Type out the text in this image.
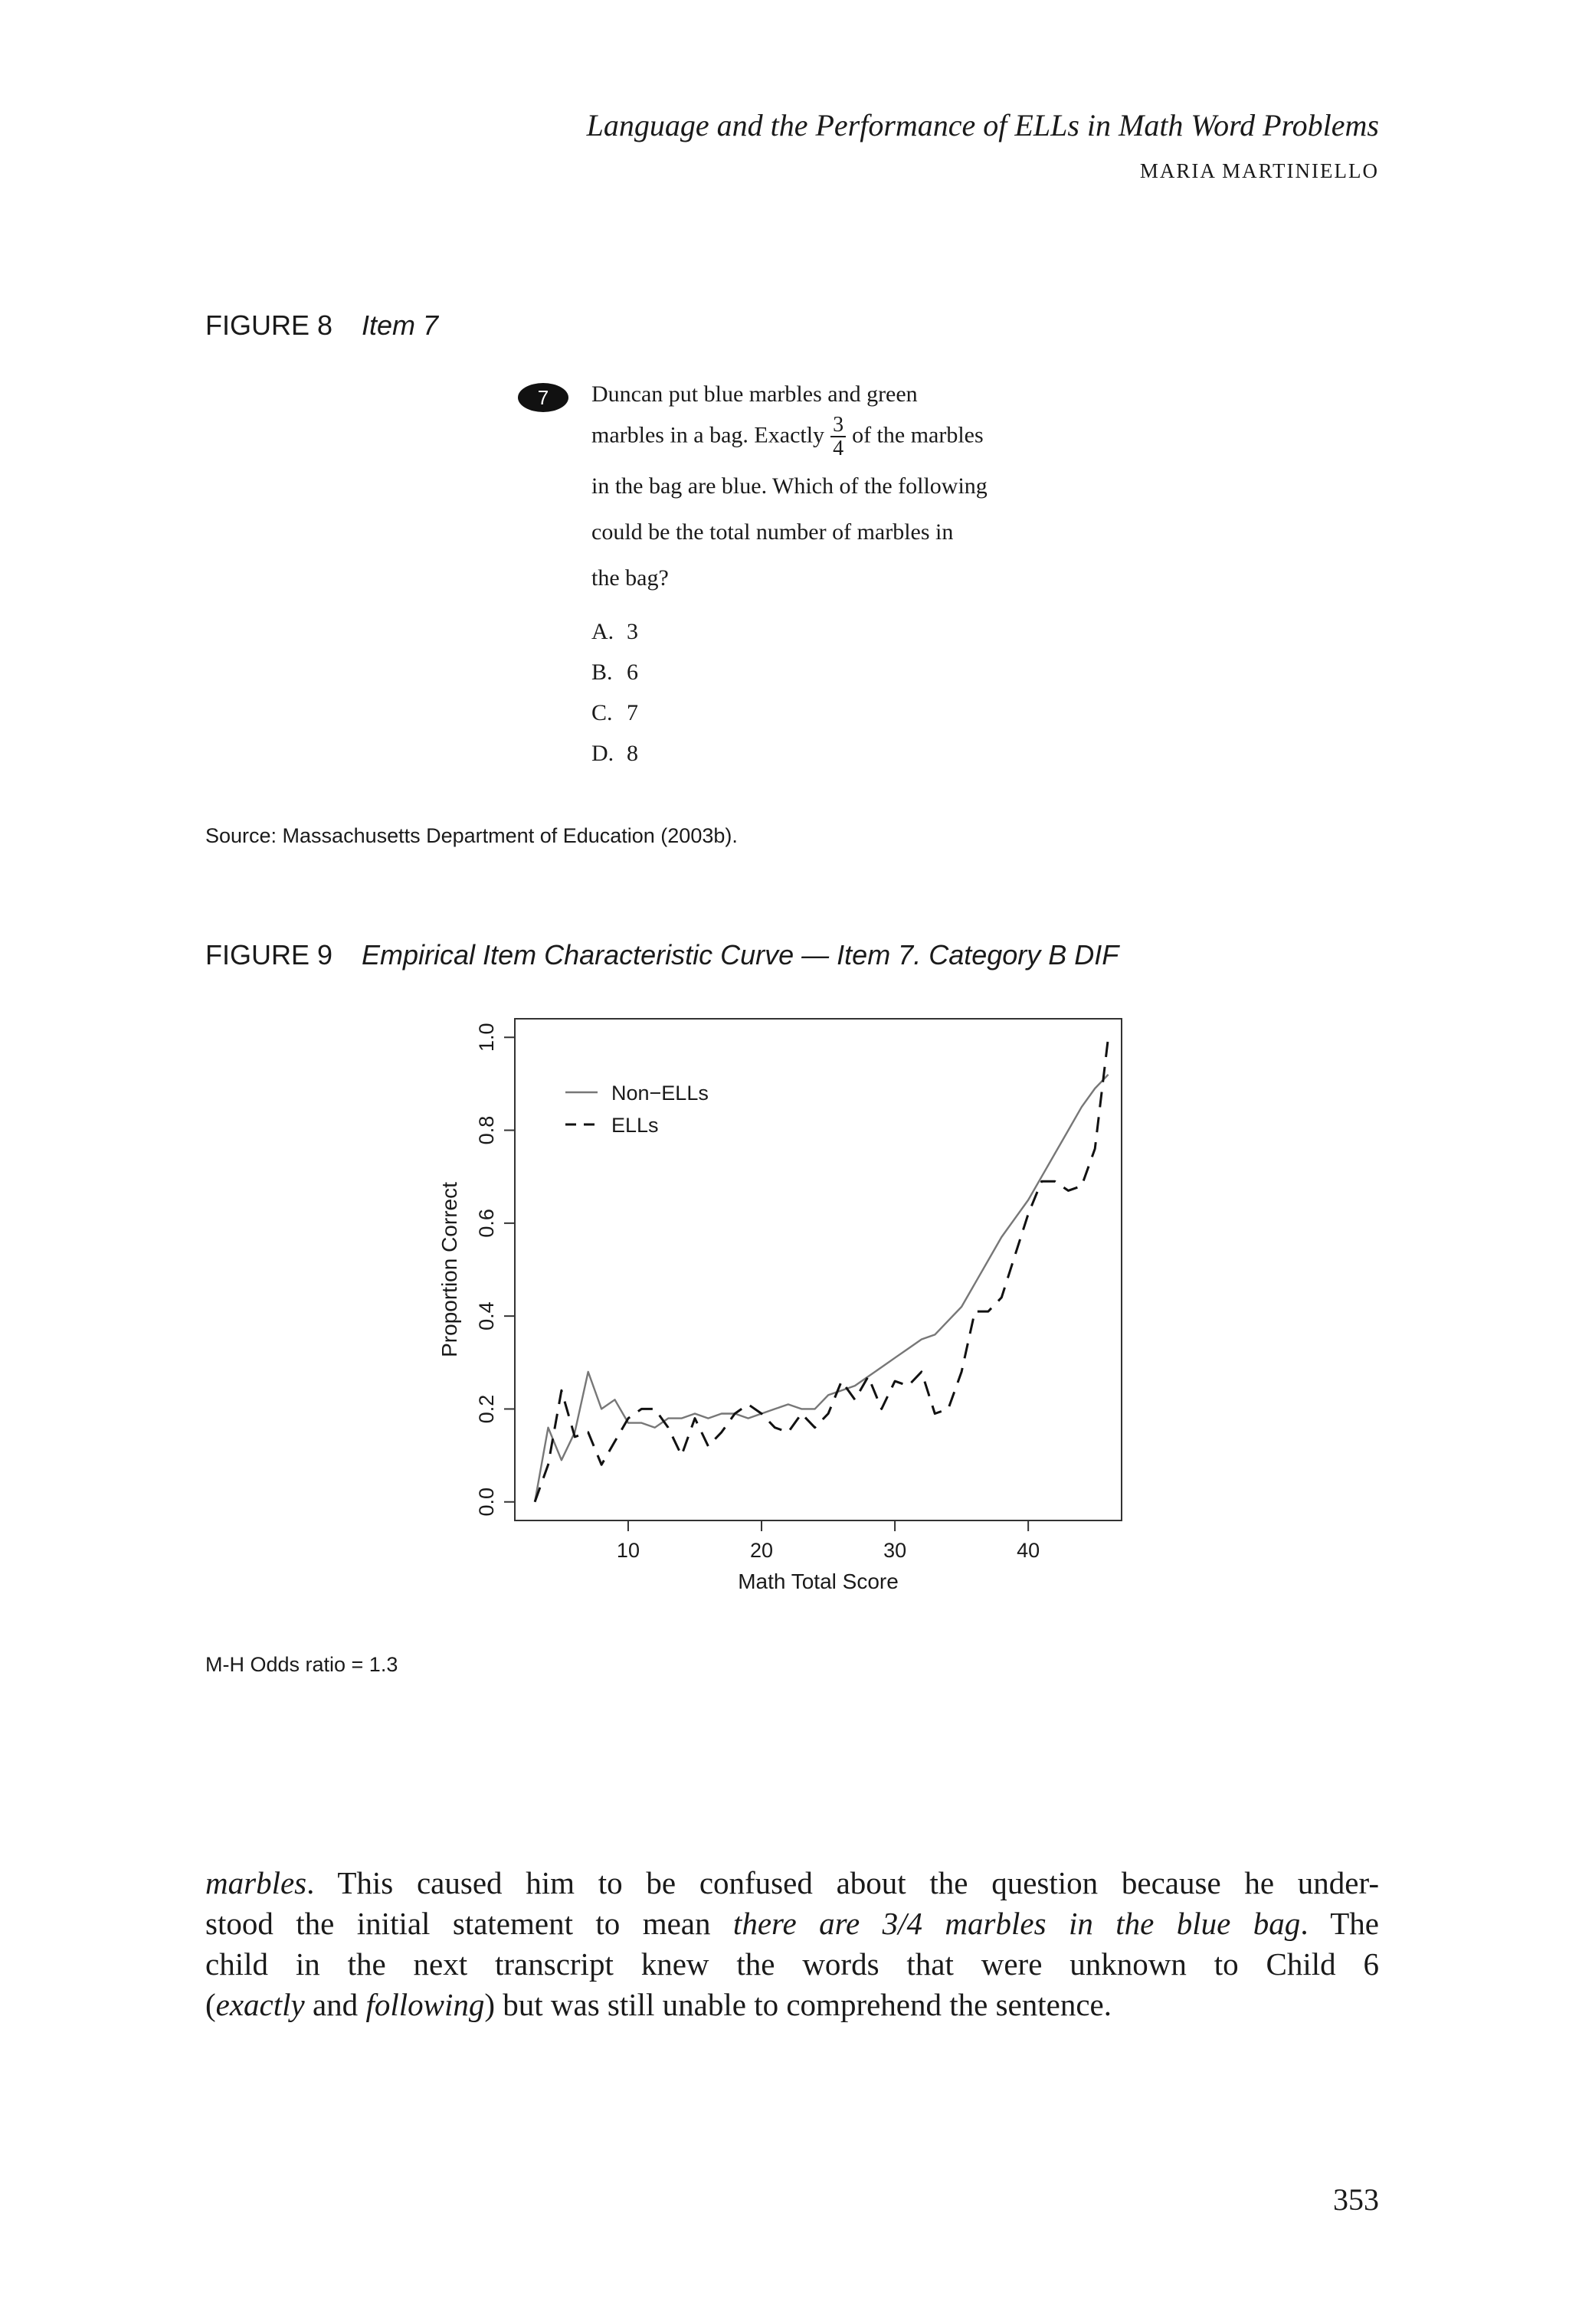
Language and the Performance of ELLs in Math Word Problems
MARIA MARTINIELLO
FIGURE 8 Item 7
7	Duncan put blue marbles and green
marbles in a bag. Exactly $\frac{3}{4}$ of the marbles
in the bag are blue. Which of the following
could be the total number of marbles in
the bag?
A. 3
B. 6
C. 7
D. 8
Source: Massachusetts Department of Education (2003b).
FIGURE 9 Empirical Item Characteristic Curve — Item 7. Category B DIF
10	20	30	40
0.0
0.2
0.4
0.6
0.8
1.0
Non−ELLs
ELLs
Math Total Score
Proportion Correct
M-H Odds ratio = 1.3
marbles. This caused him to be confused about the question because he under-
stood the initial statement to mean there are 3/4 marbles in the blue bag. The
child in the next transcript knew the words that were unknown to Child 6
(exactly and following) but was still unable to comprehend the sentence.
353
